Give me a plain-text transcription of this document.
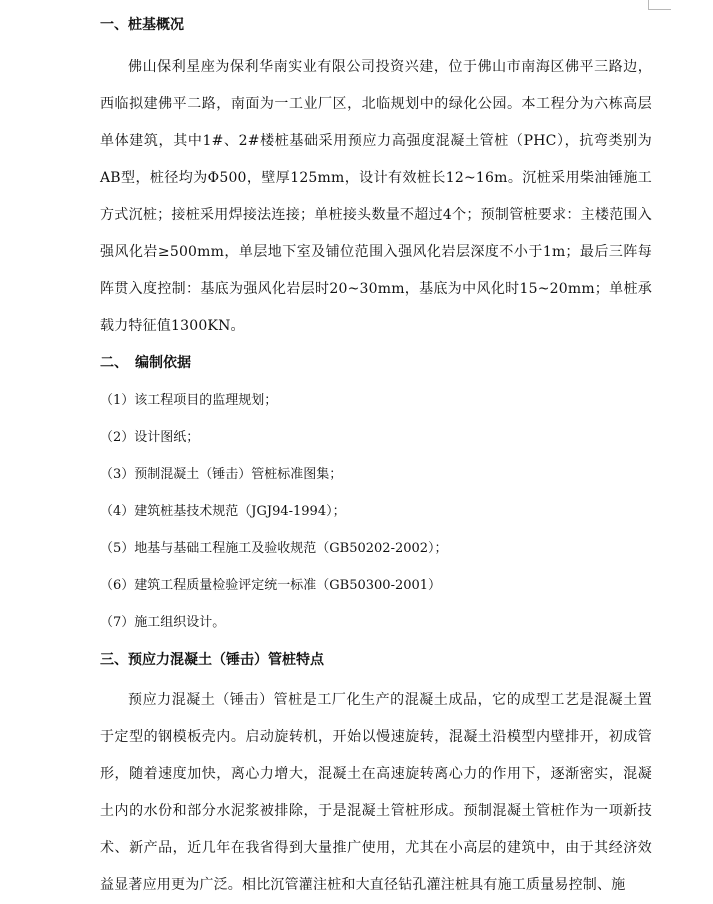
一、桩基概况
佛山保利星座为保利华南实业有限公司投资兴建，位于佛山市南海区佛平三路边，西临拟建佛平二路，南面为一工业厂区，北临规划中的绿化公园。本工程分为六栋高层单体建筑，其中1#、2#楼桩基础采用预应力高强度混凝土管桩（PHC），抗弯类别为AB型，桩径均为Φ500，壁厚125mm，设计有效桩长12~16m。沉桩采用柴油锤施工方式沉桩；接桩采用焊接法连接；单桩接头数量不超过4个；预制管桩要求：主楼范围入强风化岩≥500mm，单层地下室及铺位范围入强风化岩层深度不小于1m；最后三阵每阵贯入度控制：基底为强风化岩层时20~30mm，基底为中风化时15~20mm；单桩承载力特征值1300KN。
二、　编制依据
（1）该工程项目的监理规划；
（2）设计图纸；
（3）预制混凝土（锤击）管桩标准图集；
（4）建筑桩基技术规范（JGJ94-1994）；
（5）地基与基础工程施工及验收规范（GB50202-2002）；
（6）建筑工程质量检验评定统一标准（GB50300-2001）
（7）施工组织设计。
三、预应力混凝土（锤击）管桩特点
预应力混凝土（锤击）管桩是工厂化生产的混凝土成品，它的成型工艺是混凝土置于定型的钢模板壳内。启动旋转机，开始以慢速旋转，混凝土沿模型内壁排开，初成管形，随着速度加快，离心力增大，混凝土在高速旋转离心力的作用下，逐渐密实，混凝土内的水份和部分水泥浆被排除，于是混凝土管桩形成。预制混凝土管桩作为一项新技术、新产品，近几年在我省得到大量推广使用，尤其在小高层的建筑中，由于其经济效益显著应用更为广泛。相比沉管灌注桩和大直径钻孔灌注桩具有施工质量易控制、施
